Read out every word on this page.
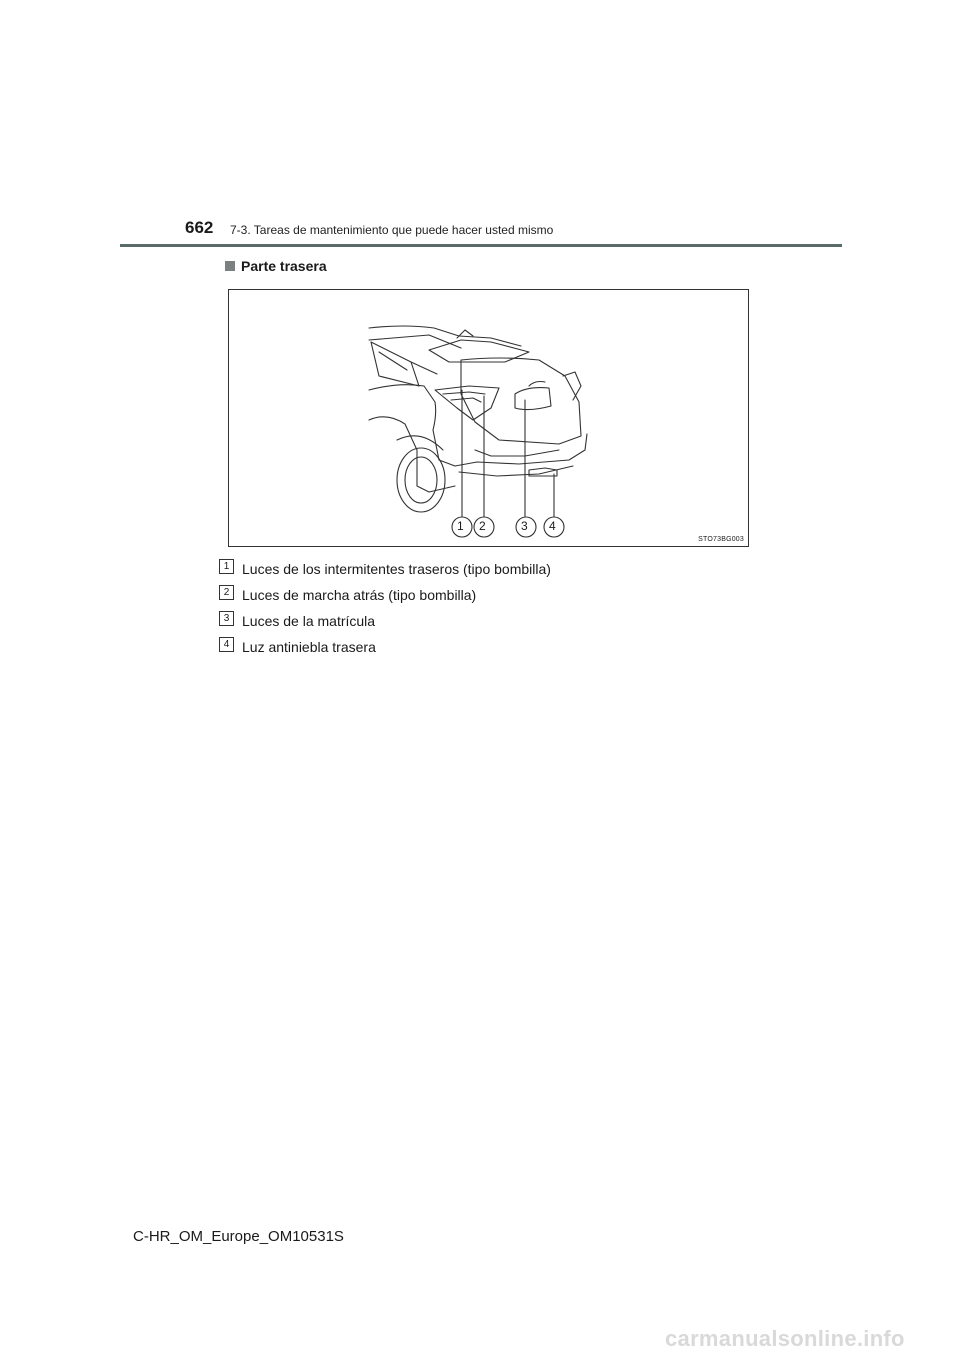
662 7-3. Tareas de mantenimiento que puede hacer usted mismo
Parte trasera
1 2	3 4
STO73BG003
1 Luces de los intermitentes traseros (tipo bombilla)
2 Luces de marcha atrás (tipo bombilla)
3 Luces de la matrícula
4 Luz antiniebla trasera
C-HR_OM_Europe_OM10531S
carmanualsonline.info
